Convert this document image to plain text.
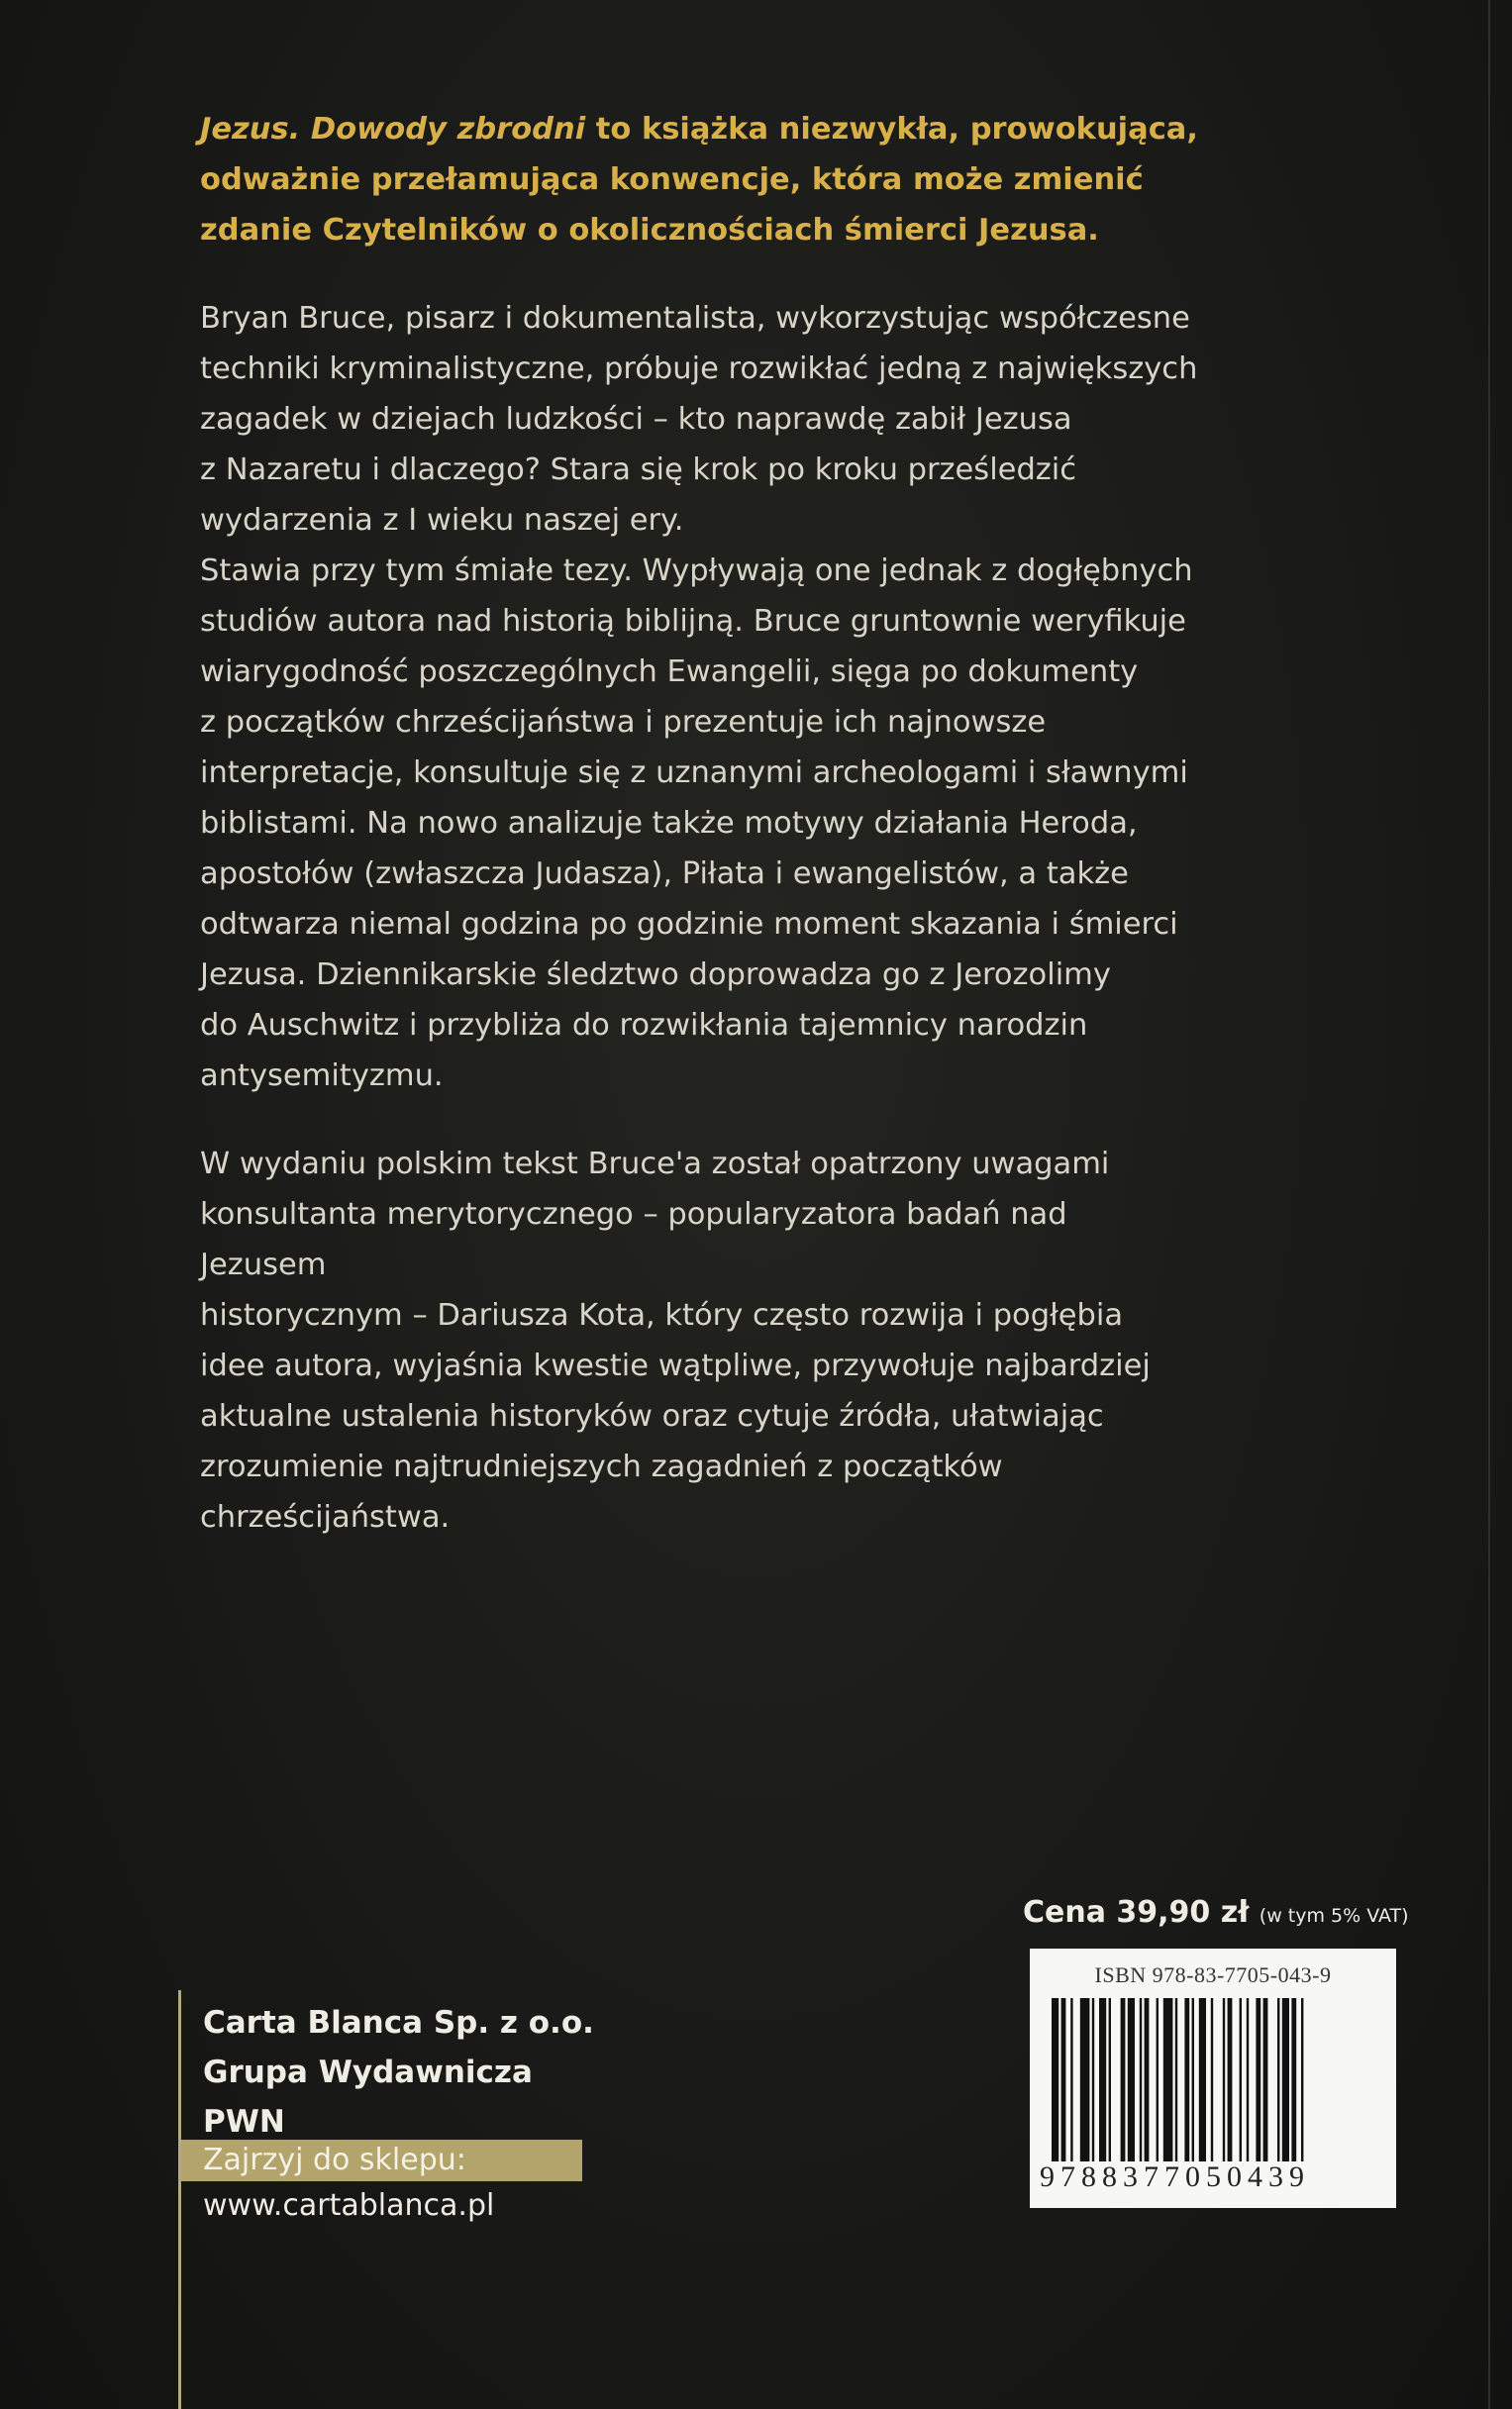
Jezus. Dowody zbrodni to książka niezwykła, prowokująca,
odważnie przełamująca konwencje, która może zmienić
zdanie Czytelników o okolicznościach śmierci Jezusa.

Bryan Bruce, pisarz i dokumentalista, wykorzystując współczesne
techniki kryminalistyczne, próbuje rozwikłać jedną z największych
zagadek w dziejach ludzkości – kto naprawdę zabił Jezusa
z Nazaretu i dlaczego? Stara się krok po kroku prześledzić
wydarzenia z I wieku naszej ery.
Stawia przy tym śmiałe tezy. Wypływają one jednak z dogłębnych
studiów autora nad historią biblijną. Bruce gruntownie weryfikuje
wiarygodność poszczególnych Ewangelii, sięga po dokumenty
z początków chrześcijaństwa i prezentuje ich najnowsze
interpretacje, konsultuje się z uznanymi archeologami i sławnymi
biblistami. Na nowo analizuje także motywy działania Heroda,
apostołów (zwłaszcza Judasza), Piłata i ewangelistów, a także
odtwarza niemal godzina po godzinie moment skazania i śmierci
Jezusa. Dziennikarskie śledztwo doprowadza go z Jerozolimy
do Auschwitz i przybliża do rozwikłania tajemnicy narodzin
antysemityzmu.
W wydaniu polskim tekst Bruce'a został opatrzony uwagami
konsultanta merytorycznego – popularyzatora badań nad Jezusem
historycznym – Dariusza Kota, który często rozwija i pogłębia
idee autora, wyjaśnia kwestie wątpliwe, przywołuje najbardziej
aktualne ustalenia historyków oraz cytuje źródła, ułatwiając
zrozumienie najtrudniejszych zagadnień z początków
chrześcijaństwa.
Carta Blanca Sp. z o.o.
Grupa Wydawnicza PWN
Zajrzyj do sklepu:
www.cartablanca.pl
Cena 39,90 zł (w tym 5% VAT)
ISBN 978-83-7705-043-9
9788377050439
